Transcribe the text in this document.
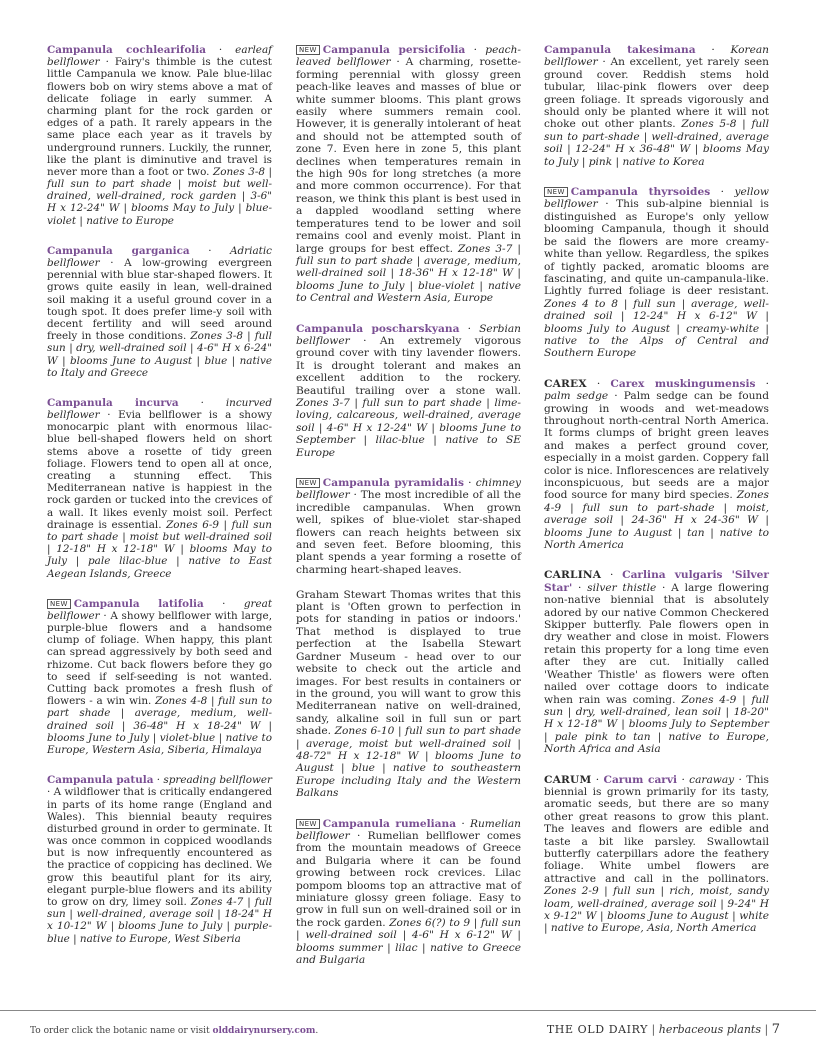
Campanula cochlearifolia · earleaf bellflower · Fairy's thimble is the cutest little Campanula we know. Pale blue-lilac flowers bob on wiry stems above a mat of delicate foliage in early summer. A charming plant for the rock garden or edges of a path. It rarely appears in the same place each year as it travels by underground runners. Luckily, the runner, like the plant is diminutive and travel is never more than a foot or two. Zones 3-8 | full sun to part shade | moist but well-drained, well-drained, rock garden | 3-6" H x 12-24" W | blooms May to July | blue-violet | native to Europe
Campanula garganica · Adriatic bellflower · A low-growing evergreen perennial with blue star-shaped flowers. It grows quite easily in lean, well-drained soil making it a useful ground cover in a tough spot. It does prefer lime-y soil with decent fertility and will seed around freely in those conditions. Zones 3-8 | full sun | dry, well-drained soil | 4-6" H x 6-24" W | blooms June to August | blue | native to Italy and Greece
Campanula incurva · incurved bellflower · Evia bellflower is a showy monocarpic plant with enormous lilac-blue bell-shaped flowers held on short stems above a rosette of tidy green foliage. Flowers tend to open all at once, creating a stunning effect. This Mediterranean native is happiest in the rock garden or tucked into the crevices of a wall. It likes evenly moist soil. Perfect drainage is essential. Zones 6-9 | full sun to part shade | moist but well-drained soil | 12-18" H x 12-18" W | blooms May to July | pale lilac-blue | native to East Aegean Islands, Greece
NEW Campanula latifolia · great bellflower · A showy bellflower with large, purple-blue flowers and a handsome clump of foliage. When happy, this plant can spread aggressively by both seed and rhizome. Cut back flowers before they go to seed if self-seeding is not wanted. Cutting back promotes a fresh flush of flowers - a win win. Zones 4-8 | full sun to part shade | average, medium, well-drained soil | 36-48" H x 18-24" W | blooms June to July | violet-blue | native to Europe, Western Asia, Siberia, Himalaya
Campanula patula · spreading bellflower · A wildflower that is critically endangered in parts of its home range (England and Wales). This biennial beauty requires disturbed ground in order to germinate. It was once common in coppiced woodlands but is now infrequently encountered as the practice of coppicing has declined. We grow this beautiful plant for its airy, elegant purple-blue flowers and its ability to grow on dry, limey soil. Zones 4-7 | full sun | well-drained, average soil | 18-24" H x 10-12" W | blooms June to July | purple-blue | native to Europe, West Siberia
NEW Campanula persicifolia · peach-leaved bellflower · A charming, rosette-forming perennial with glossy green peach-like leaves and masses of blue or white summer blooms. This plant grows easily where summers remain cool. However, it is generally intolerant of heat and should not be attempted south of zone 7. Even here in zone 5, this plant declines when temperatures remain in the high 90s for long stretches (a more and more common occurrence). For that reason, we think this plant is best used in a dappled woodland setting where temperatures tend to be lower and soil remains cool and evenly moist. Plant in large groups for best effect. Zones 3-7 | full sun to part shade | average, medium, well-drained soil | 18-36" H x 12-18" W | blooms June to July | blue-violet | native to Central and Western Asia, Europe
Campanula poscharskyana · Serbian bellflower · An extremely vigorous ground cover with tiny lavender flowers. It is drought tolerant and makes an excellent addition to the rockery. Beautiful trailing over a stone wall. Zones 3-7 | full sun to part shade | lime-loving, calcareous, well-drained, average soil | 4-6" H x 12-24" W | blooms June to September | lilac-blue | native to SE Europe
NEW Campanula pyramidalis · chimney bellflower · The most incredible of all the incredible campanulas. When grown well, spikes of blue-violet star-shaped flowers can reach heights between six and seven feet. Before blooming, this plant spends a year forming a rosette of charming heart-shaped leaves.

Graham Stewart Thomas writes that this plant is 'Often grown to perfection in pots for standing in patios or indoors.' That method is displayed to true perfection at the Isabella Stewart Gardner Museum - head over to our website to check out the article and images. For best results in containers or in the ground, you will want to grow this Mediterranean native on well-drained, sandy, alkaline soil in full sun or part shade. Zones 6-10 | full sun to part shade | average, moist but well-drained soil | 48-72" H x 12-18" W | blooms June to August | blue | native to southeastern Europe including Italy and the Western Balkans
NEW Campanula rumeliana · Rumelian bellflower · Rumelian bellflower comes from the mountain meadows of Greece and Bulgaria where it can be found growing between rock crevices. Lilac pompom blooms top an attractive mat of miniature glossy green foliage. Easy to grow in full sun on well-drained soil or in the rock garden. Zones 6(?) to 9 | full sun | well-drained soil | 4-6" H x 6-12" W | blooms summer | lilac | native to Greece and Bulgaria
Campanula takesimana · Korean bellflower · An excellent, yet rarely seen ground cover. Reddish stems hold tubular, lilac-pink flowers over deep green foliage. It spreads vigorously and should only be planted where it will not choke out other plants. Zones 5-8 | full sun to part-shade | well-drained, average soil | 12-24" H x 36-48" W | blooms May to July | pink | native to Korea
NEW Campanula thyrsoides · yellow bellflower · This sub-alpine biennial is distinguished as Europe's only yellow blooming Campanula, though it should be said the flowers are more creamy-white than yellow. Regardless, the spikes of tightly packed, aromatic blooms are fascinating, and quite un-campanula-like. Lightly furred foliage is deer resistant. Zones 4 to 8 | full sun | average, well-drained soil | 12-24" H x 6-12" W | blooms July to August | creamy-white | native to the Alps of Central and Southern Europe
CAREX · Carex muskingumensis · palm sedge · Palm sedge can be found growing in woods and wet-meadows throughout north-central North America. It forms clumps of bright green leaves and makes a perfect ground cover, especially in a moist garden. Coppery fall color is nice. Inflorescences are relatively inconspicuous, but seeds are a major food source for many bird species. Zones 4-9 | full sun to part-shade | moist, average soil | 24-36" H x 24-36" W | blooms June to August | tan | native to North America
CARLINA · Carlina vulgaris 'Silver Star' · silver thistle · A large flowering non-native biennial that is absolutely adored by our native Common Checkered Skipper butterfly. Pale flowers open in dry weather and close in moist. Flowers retain this property for a long time even after they are cut. Initially called 'Weather Thistle' as flowers were often nailed over cottage doors to indicate when rain was coming. Zones 4-9 | full sun | dry, well-drained, lean soil | 18-20" H x 12-18" W | blooms July to September | pale pink to tan | native to Europe, North Africa and Asia
CARUM · Carum carvi · caraway · This biennial is grown primarily for its tasty, aromatic seeds, but there are so many other great reasons to grow this plant. The leaves and flowers are edible and taste a bit like parsley. Swallowtail butterfly caterpillars adore the feathery foliage. White umbel flowers are attractive and call in the pollinators. Zones 2-9 | full sun | rich, moist, sandy loam, well-drained, average soil | 9-24" H x 9-12" W | blooms June to August | white | native to Europe, Asia, North America
To order click the botanic name or visit olddairynursery.com.	THE OLD DAIRY | herbaceous plants | 7
